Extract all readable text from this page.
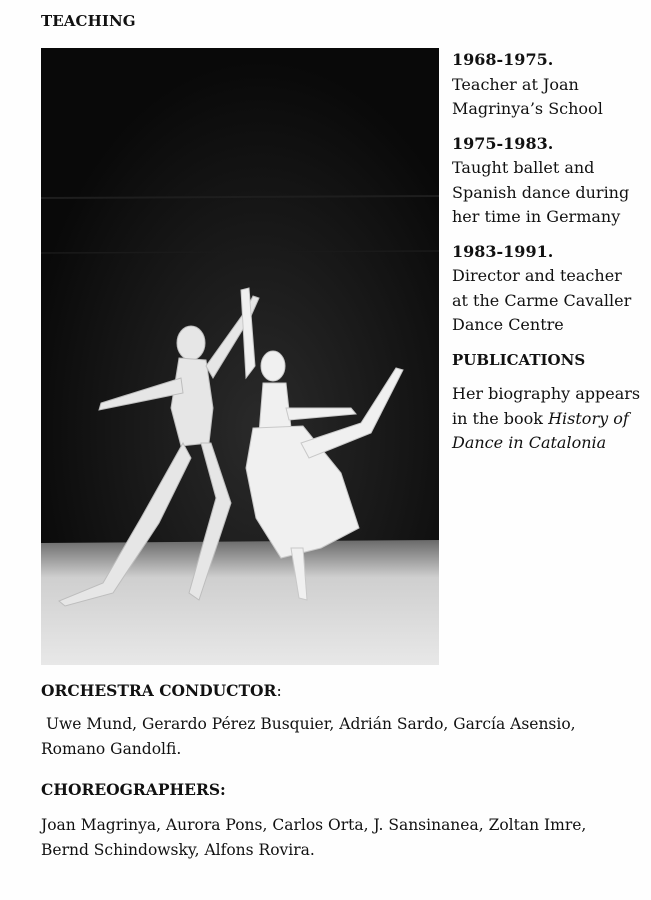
TEACHING
1968-1975.
Teacher at Joan Magrinya’s School
1975-1983.
Taught ballet and Spanish dance during her time in Germany
1983-1991.
Director and teacher at the Carme Cavaller Dance Centre
PUBLICATIONS

Her biography appears in the book History of Dance in Catalonia

ORCHESTRA CONDUCTOR:
Uwe Mund, Gerardo Pérez Busquier, Adrián Sardo, García Asensio, Romano Gandolfi.
CHOREOGRAPHERS:
Joan Magrinya, Aurora Pons, Carlos Orta, J. Sansinanea, Zoltan Imre, Bernd Schindowsky, Alfons Rovira.
